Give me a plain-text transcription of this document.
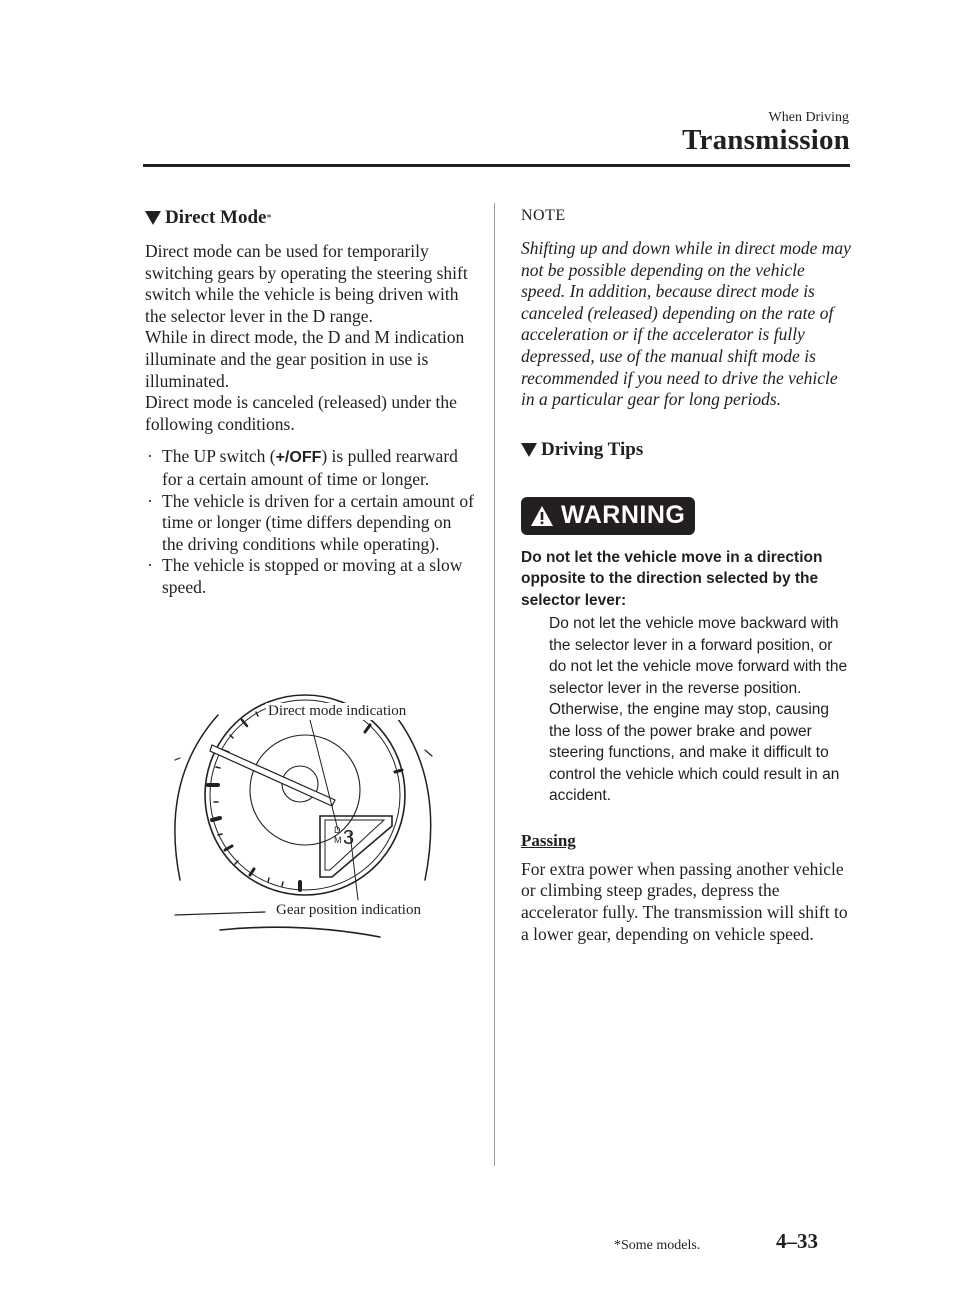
When Driving
Transmission
Direct Mode *

Direct mode can be used for temporarily switching gears by operating the steering shift switch while the vehicle is being driven with the selector lever in the D range.

While in direct mode, the D and M indication illuminate and the gear position in use is illuminated.

Direct mode is canceled (released) under the following conditions.

· The UP switch (+/OFF) is pulled rearward for a certain amount of time or longer.
· The vehicle is driven for a certain amount of time or longer (time differs depending on the driving conditions while operating).
· The vehicle is stopped or moving at a slow speed.
D
M 3
Direct mode indication
Gear position indication
NOTE

Shifting up and down while in direct mode may not be possible depending on the vehicle speed. In addition, because direct mode is canceled (released) depending on the rate of acceleration or if the accelerator is fully depressed, use of the manual shift mode is recommended if you need to drive the vehicle in a particular gear for long periods.

Driving Tips
WARNING

Do not let the vehicle move in a direction opposite to the direction selected by the selector lever:

Do not let the vehicle move backward with the selector lever in a forward position, or do not let the vehicle move forward with the selector lever in the reverse position. Otherwise, the engine may stop, causing the loss of the power brake and power steering functions, and make it difficult to control the vehicle which could result in an accident.

Passing

For extra power when passing another vehicle or climbing steep grades, depress the accelerator fully. The transmission will shift to a lower gear, depending on vehicle speed.

*Some models.	4–33
